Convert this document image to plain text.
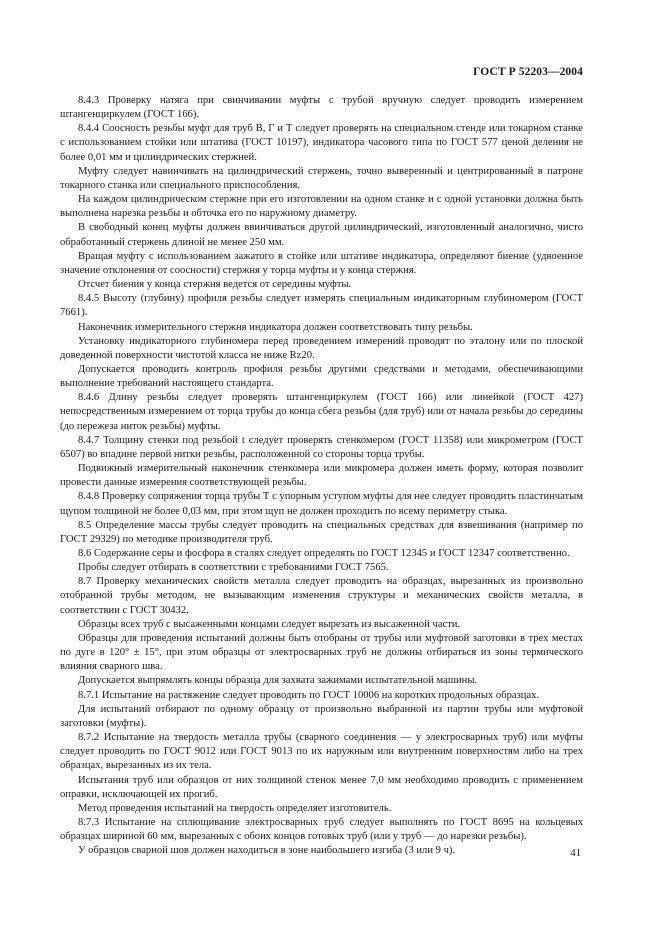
ГОСТ Р 52203—2004

8.4.3 Проверку натяга при свинчивании муфты с трубой вручную следует проводить измерением штангенциркулем (ГОСТ 166).

8.4.4 Соосность резьбы муфт для труб В, Г и Т следует проверять на специальном стенде или токарном станке с использованием стойки или штатива (ГОСТ 10197), индикатора часового типа по ГОСТ 577 ценой деления не более 0,01 мм и цилиндрических стержней.

Муфту следует навинчивать на цилиндрический стержень, точно выверенный и центрированный в патроне токарного станка или специального приспособления.

На каждом цилиндрическом стержне при его изготовлении на одном станке и с одной установки должна быть выполнена нарезка резьбы и обточка его по наружному диаметру.

В свободный конец муфты должен ввинчиваться другой цилиндрический, изготовленный аналогично, чисто обработанный стержень длиной не менее 250 мм.

Вращая муфту с использованием зажатого в стойке или штативе индикатора, определяют биение (удвоенное значение отклонения от соосности) стержня у торца муфты и у конца стержня.

Отсчет биения у конца стержня ведется от середины муфты.

8.4.5 Высоту (глубину) профиля резьбы следует измерять специальным индикаторным глубиномером (ГОСТ 7661).

Наконечник измерительного стержня индикатора должен соответствовать типу резьбы.

Установку индикаторного глубиномера перед проведением измерений проводят по эталону или по плоской доведенной поверхности чистотой класса не ниже Rz20.

Допускается проводить контроль профиля резьбы другими средствами и методами, обеспечивающими выполнение требований настоящего стандарта.

8.4.6 Длину резьбы следует проверять штангенциркулем (ГОСТ 166) или линейкой (ГОСТ 427) непосредственным измерением от торца трубы до конца сбега резьбы (для труб) или от начала резьбы до середины (до пережеза ниток резьбы) муфты.

8.4.7 Толщину стенки под резьбой t следует проверять стенкомером (ГОСТ 11358) или микрометром (ГОСТ 6507) во впадине первой нитки резьбы, расположенной со стороны торца трубы.

Подвижный измерительный наконечник стенкомера или микромера должен иметь форму, которая позволит провести данные измерения соответствующей резьбы.

8.4.8 Проверку сопряжения торца трубы Т с упорным уступом муфты для нее следует проводить пластинчатым щупом толщиной не более 0,03 мм, при этом щуп не должен проходить по всему периметру стыка.

8.5 Определение массы трубы следует проводить на специальных средствах для взвешивания (например по ГОСТ 29329) по методике производителя труб.

8.6 Содержание серы и фосфора в сталях следует определять по ГОСТ 12345 и ГОСТ 12347 соответственно.

Пробы следует отбирать в соответствии с требованиями ГОСТ 7565.

8.7 Проверку механических свойств металла следует проводить на образцах, вырезанных из произвольно отобранной трубы методом, не вызывающим изменения структуры и механических свойств металла, в соответствии с ГОСТ 30432.

Образцы всех труб с высаженными концами следует вырезать из высаженной части.

Образцы для проведения испытаний должны быть отобраны от трубы или муфтовой заготовки в трех местах по дуге в 120° ± 15°, при этом образцы от электросварных труб не должны отбираться из зоны термического влияния сварного шва.

Допускается выпрямлять концы образца для захвата зажимами испытательной машины.

8.7.1 Испытание на растяжение следует проводить по ГОСТ 10006 на коротких продольных образцах.

Для испытаний отбирают по одному образцу от произвольно выбранной из партии трубы или муфтовой заготовки (муфты).

8.7.2 Испытание на твердость металла трубы (сварного соединения — у электросварных труб) или муфты следует проводить по ГОСТ 9012 или ГОСТ 9013 по их наружным или внутренним поверхностям либо на трех образцах, вырезанных из их тела.

Испытания труб или образцов от них толщиной стенок менее 7,0 мм необходимо проводить с применением оправки, исключающей их прогиб.

Метод проведения испытаний на твердость определяет изготовитель.

8.7.3 Испытание на сплющивание электросварных труб следует выполнять по ГОСТ 8695 на кольцевых образцах шириной 60 мм, вырезанных с обоих концов готовых труб (или у труб — до нарезки резьбы).

У образцов сварной шов должен находиться в зоне наибольшего изгиба (3 или 9 ч).	41
